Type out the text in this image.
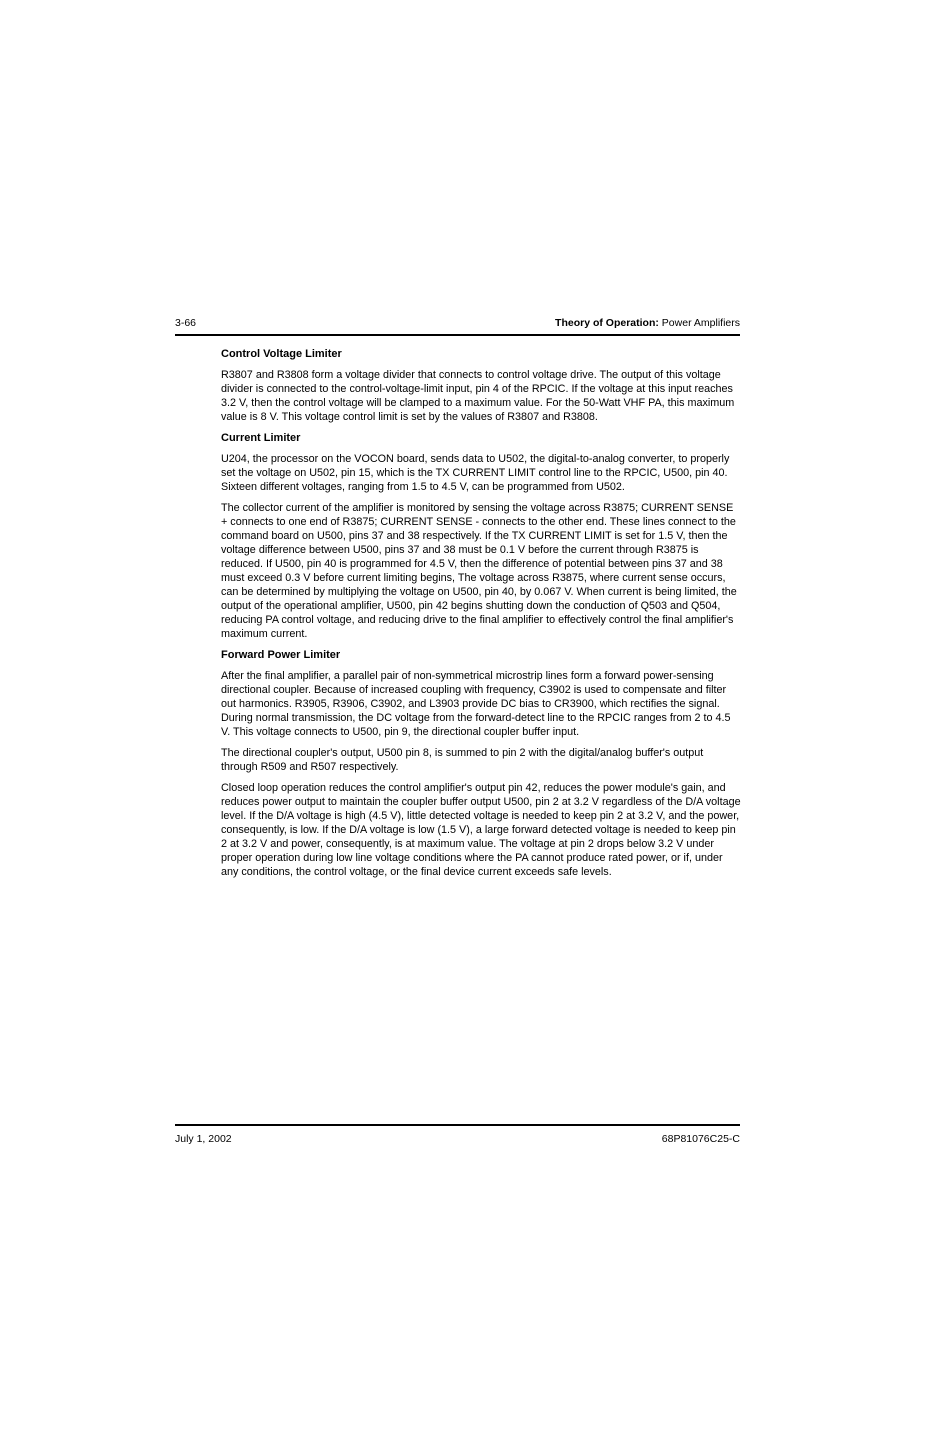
3-66	Theory of Operation: Power Amplifiers
Control Voltage Limiter

R3807 and R3808 form a voltage divider that connects to control voltage drive. The output of this voltage divider is connected to the control-voltage-limit input, pin 4 of the RPCIC. If the voltage at this input reaches 3.2 V, then the control voltage will be clamped to a maximum value. For the 50-Watt VHF PA, this maximum value is 8 V. This voltage control limit is set by the values of R3807 and R3808.

Current Limiter

U204, the processor on the VOCON board, sends data to U502, the digital-to-analog converter, to properly set the voltage on U502, pin 15, which is the TX CURRENT LIMIT control line to the RPCIC, U500, pin 40. Sixteen different voltages, ranging from 1.5 to 4.5 V, can be programmed from U502.

The collector current of the amplifier is monitored by sensing the voltage across R3875; CURRENT SENSE + connects to one end of R3875; CURRENT SENSE - connects to the other end. These lines connect to the command board on U500, pins 37 and 38 respectively. If the TX CURRENT LIMIT is set for 1.5 V, then the voltage difference between U500, pins 37 and 38 must be 0.1 V before the current through R3875 is reduced. If U500, pin 40 is programmed for 4.5 V, then the difference of potential between pins 37 and 38 must exceed 0.3 V before current limiting begins, The voltage across R3875, where current sense occurs, can be determined by multiplying the voltage on U500, pin 40, by 0.067 V. When current is being limited, the output of the operational amplifier, U500, pin 42 begins shutting down the conduction of Q503 and Q504, reducing PA control voltage, and reducing drive to the final amplifier to effectively control the final amplifier's maximum current.

Forward Power Limiter

After the final amplifier, a parallel pair of non-symmetrical microstrip lines form a forward power-sensing directional coupler. Because of increased coupling with frequency, C3902 is used to compensate and filter out harmonics. R3905, R3906, C3902, and L3903 provide DC bias to CR3900, which rectifies the signal. During normal transmission, the DC voltage from the forward-detect line to the RPCIC ranges from 2 to 4.5 V. This voltage connects to U500, pin 9, the directional coupler buffer input.

The directional coupler's output, U500 pin 8, is summed to pin 2 with the digital/analog buffer's output through R509 and R507 respectively.

Closed loop operation reduces the control amplifier's output pin 42, reduces the power module's gain, and reduces power output to maintain the coupler buffer output U500, pin 2 at 3.2 V regardless of the D/A voltage level. If the D/A voltage is high (4.5 V), little detected voltage is needed to keep pin 2 at 3.2 V, and the power, consequently, is low. If the D/A voltage is low (1.5 V), a large forward detected voltage is needed to keep pin 2 at 3.2 V and power, consequently, is at maximum value. The voltage at pin 2 drops below 3.2 V under proper operation during low line voltage conditions where the PA cannot produce rated power, or if, under any conditions, the control voltage, or the final device current exceeds safe levels.

July 1, 2002	68P81076C25-C
